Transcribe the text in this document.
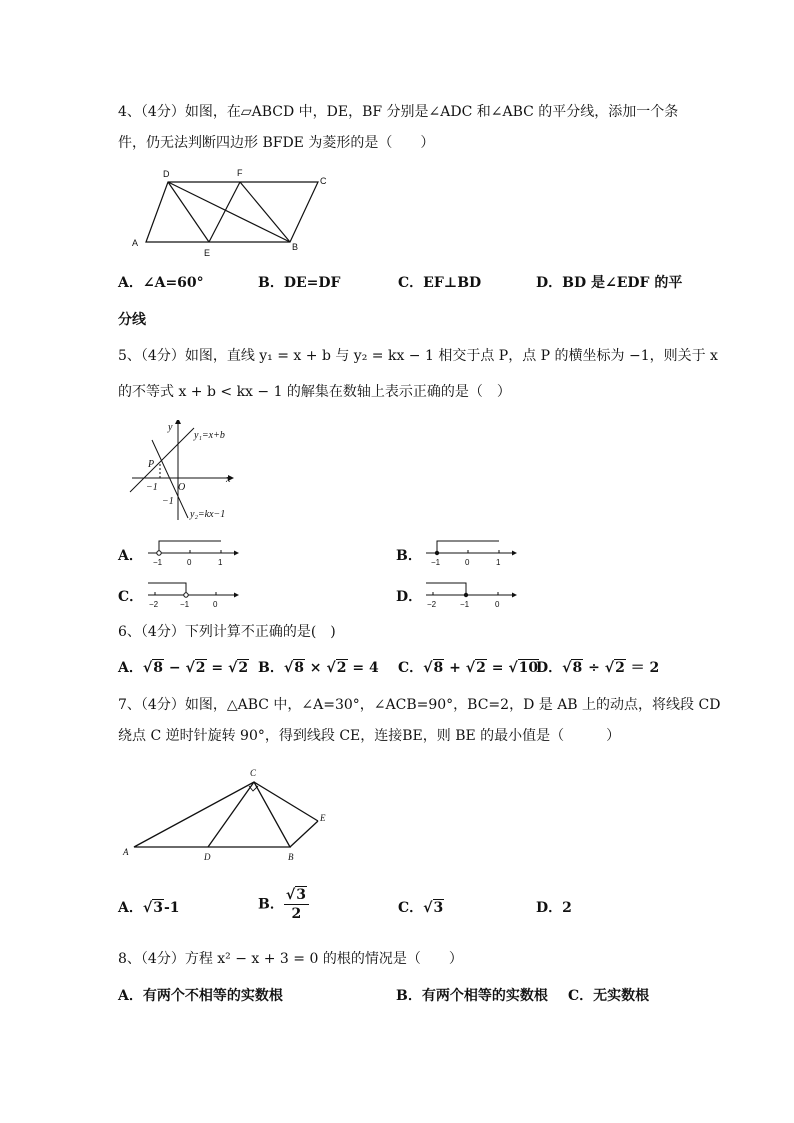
4、（4分）如图，在▱ABCD 中，DE，BF 分别是∠ADC 和∠ABC 的平分线，添加一个条
件，仍无法判断四边形 BFDE 为菱形的是（　　）
D	F
C
A
E
B
A．∠A=60°	B．DE=DF	C．EF⊥BD	D．BD 是∠EDF 的平
分线
5、（4分）如图，直线 y₁ = x + b 与 y₂ = kx − 1 相交于点 P，点 P 的横坐标为 −1，则关于 x
的不等式 x + b < kx − 1 的解集在数轴上表示正确的是（　）
y
x
O
P
−1
−1
y₁=x+b
y₂=kx−1
A． −1	0	1	B． −1	0	1
C． −2	−1	0	D． −2	−1	0
6、（4分）下列计算不正确的是(　)
A．√8 − √2 = √2 B．√8 × √2 = 4 C．√8 + √2 = √10
D．√8 ÷ √2 ＝ 2
7、（4分）如图，△ABC 中，∠A=30°，∠ACB=90°，BC=2，D 是 AB 上的动点，将线段 CD
绕点 C 逆时针旋转 90°，得到线段 CE，连接BE，则 BE 的最小值是（　　　）
A
C
D	B
E
A．√3-1	B． $\frac{√3}{2}$	C．√3	D．2
8、（4分）方程 x² − x + 3 = 0 的根的情况是（　　）
A．有两个不相等的实数根	B．有两个相等的实数根 C．无实数根
